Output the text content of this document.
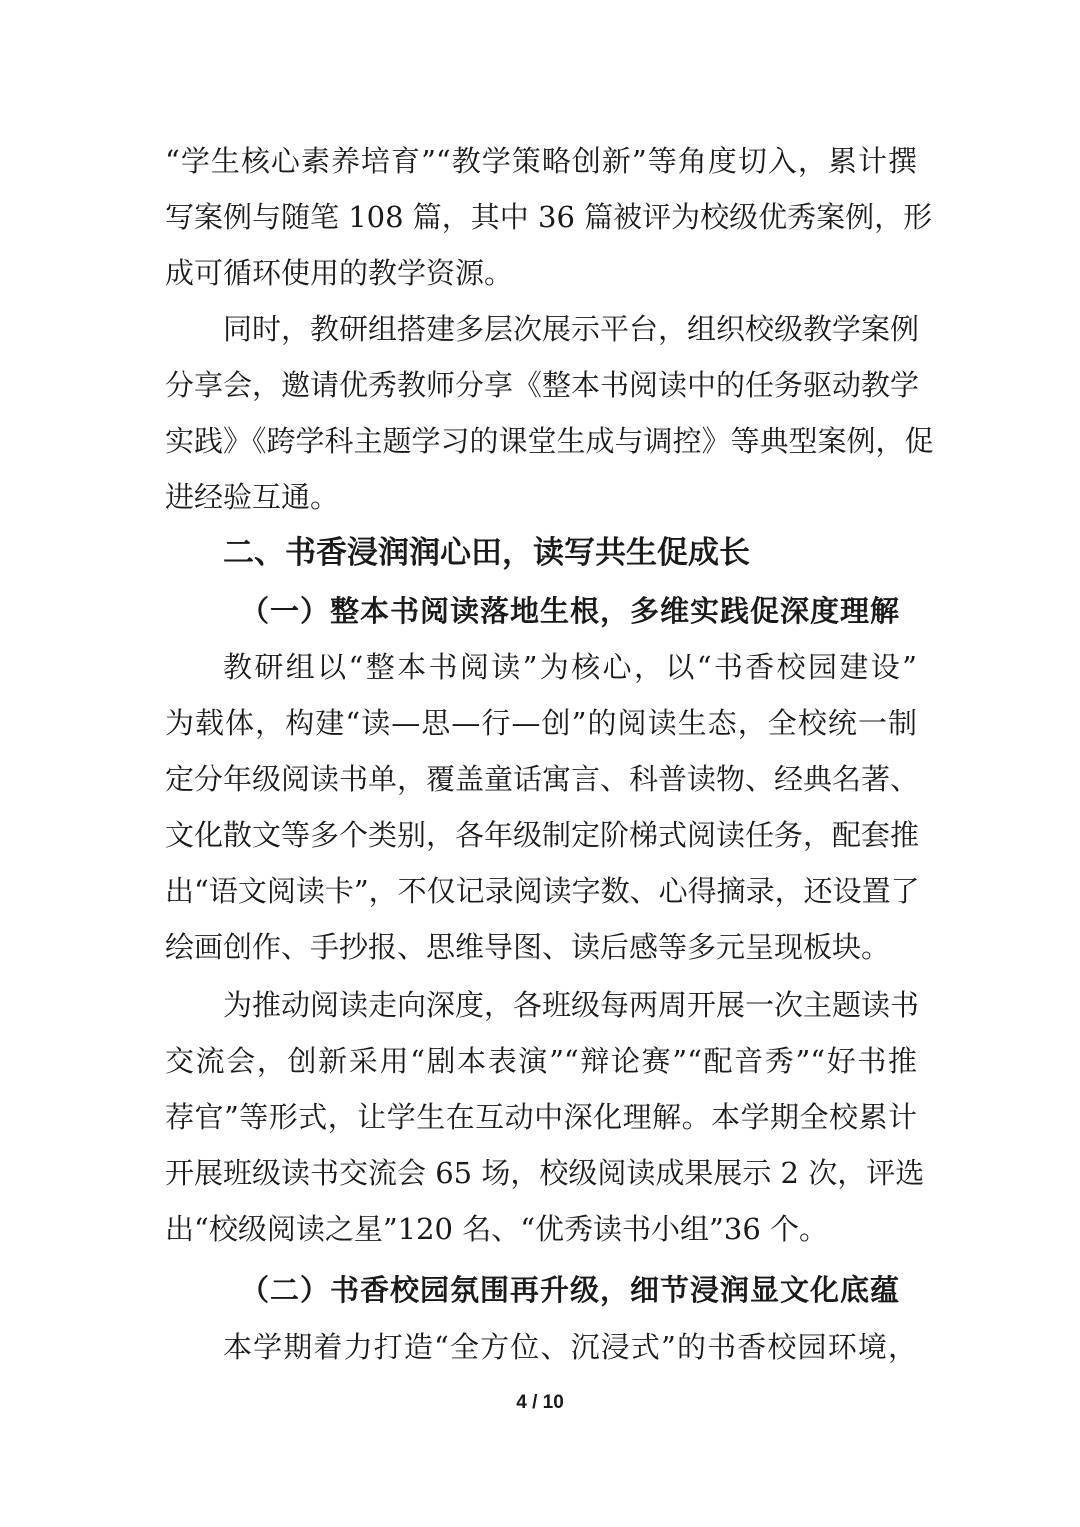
“学生核心素养培育”“教学策略创新”等角度切入，累计撰
写案例与随笔 108 篇，其中 36 篇被评为校级优秀案例，形
成可循环使用的教学资源。
同时，教研组搭建多层次展示平台，组织校级教学案例
分享会，邀请优秀教师分享《整本书阅读中的任务驱动教学
实践》《跨学科主题学习的课堂生成与调控》等典型案例，促
进经验互通。
二、书香浸润润心田，读写共生促成长
（一）整本书阅读落地生根，多维实践促深度理解
教研组以“整本书阅读”为核心，以“书香校园建设”
为载体，构建“读—思—行—创”的阅读生态，全校统一制
定分年级阅读书单，覆盖童话寓言、科普读物、经典名著、
文化散文等多个类别，各年级制定阶梯式阅读任务，配套推
出“语文阅读卡”，不仅记录阅读字数、心得摘录，还设置了
绘画创作、手抄报、思维导图、读后感等多元呈现板块。
为推动阅读走向深度，各班级每两周开展一次主题读书
交流会，创新采用“剧本表演”“辩论赛”“配音秀”“好书推
荐官”等形式，让学生在互动中深化理解。本学期全校累计
开展班级读书交流会 65 场，校级阅读成果展示 2 次，评选
出“校级阅读之星”120 名、“优秀读书小组”36 个。
（二）书香校园氛围再升级，细节浸润显文化底蕴
本学期着力打造“全方位、沉浸式”的书香校园环境，
4 / 10
